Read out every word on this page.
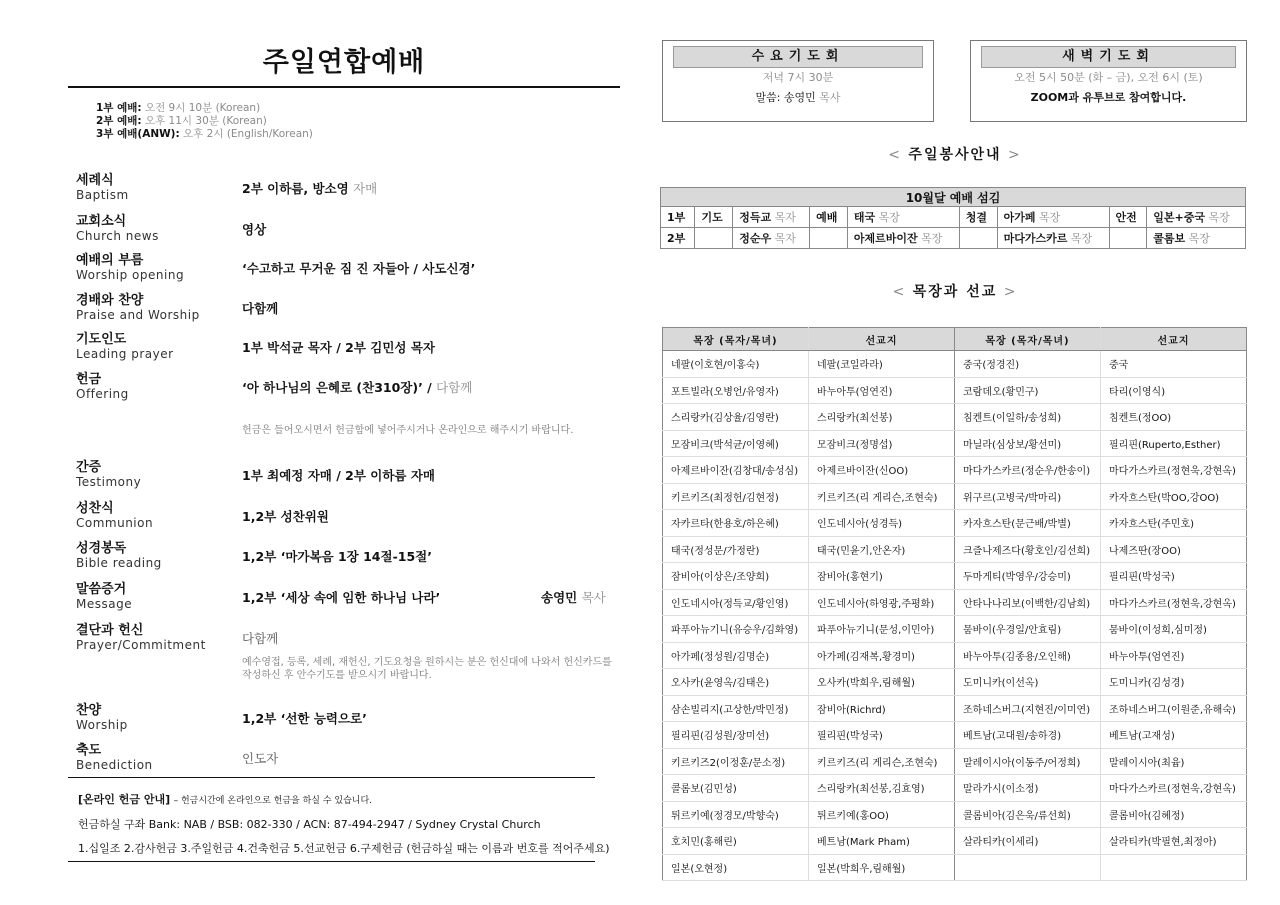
주일연합예배
1부 예배: 오전 9시 10분 (Korean)
2부 예배: 오후 11시 30분 (Korean)
3부 예배(ANW): 오후 2시 (English/Korean)
세례식
Baptism	2부 이하름, 방소영 자매
교회소식
Church news	영상
예배의 부름
Worship opening	‘수고하고 무거운 짐 진 자들아 / 사도신경’
경배와 찬양
Praise and Worship	다함께
기도인도
Leading prayer	1부 박석균 목자 / 2부 김민성 목자
헌금
Offering	‘아 하나님의 은혜로 (찬310장)’ / 다함께
헌금은 들어오시면서 헌금함에 넣어주시거나 온라인으로 해주시기 바랍니다.
간증
Testimony	1부 최예정 자매 / 2부 이하름 자매
성찬식
Communion	1,2부 성찬위원
성경봉독
Bible reading	1,2부 ‘마가복음 1장 14절-15절’
말씀증거
Message	1,2부 ‘세상 속에 임한 하나님 나라’	송영민 목사
결단과 헌신
Prayer/Commitment	다함께
예수영접, 등록, 세례, 재헌신, 기도요청을 원하시는 분은 헌신대에 나와서 헌신카드를 작성하신 후 안수기도를 받으시기 바랍니다.
찬양
Worship	1,2부 ‘선한 능력으로’
축도
Benediction	인도자
[온라인 헌금 안내] – 헌금시간에 온라인으로 헌금을 하실 수 있습니다.
헌금하실 구좌 Bank: NAB / BSB: 082-330 / ACN: 87-494-2947 / Sydney Crystal Church
1.십일조 2.감사헌금 3.주일헌금 4.건축헌금 5.선교헌금 6.구제헌금 (헌금하실 때는 이름과 번호를 적어주세요)
수요기도회
저녁 7시 30분
말씀: 송영민 목사
새벽기도회
오전 5시 50분 (화 – 금), 오전 6시 (토)
ZOOM과 유투브로 참여합니다.
< 주일봉사안내 >
10월달 예배 섬김								
1부	기도	정득교 목자	예배	태국 목장	청결	아가페 목장	안전	일본+중국 목장
2부		정순우 목자		아제르바이잔 목장		마다가스카르 목장		콜롬보 목장
< 목장과 선교 >
목장 (목자/목녀)	선교지	목장 (목자/목녀)	선교지
네팔(이호현/이홍숙)	네팔(코일라라)	중국(정경진)	중국
포트빌라(오병언/유영자)	바누아투(엄연진)	코람데오(황민구)	타리(이영식)
스리랑카(김상율/김영란)	스리랑카(최선봉)	침켄트(이일하/송성희)	침켄트(정OO)
모잠비크(박석균/이영혜)	모잠비크(정명섭)	마닐라(심상보/황선미)	필리핀(Ruperto,Esther)
아제르바이잔(김창대/송성심)	아제르바이잔(신OO)	마다가스카르(정순우/한송이)	마다가스카르(정현욱,강현옥)
키르키즈(최정헌/김현정)	키르키즈(리 게리슨,조현숙)	위구르(고병국/박마리)	카자흐스탄(박OO,강OO)
자카르타(한용호/하은혜)	인도네시아(성경득)	카자흐스탄(문근배/박별)	카자흐스탄(주민호)
태국(정성문/가정란)	태국(민윤기,안온자)	크즐나제즈다(황호인/김선희)	나제즈딴(장OO)
잠비아(이상은/조양희)	잠비아(홍현기)	두마게티(박영우/강승미)	필리핀(박성국)
인도네시아(정득교/황인영)	인도네시아(하영광,주평화)	안타나나리보(이백한/김남희)	마다가스카르(정현욱,강현옥)
파푸아뉴기니(유승우/김화영)	파푸아뉴기니(문성,이민아)	뭄바이(우경일/안효림)	뭄바이(이성희,심미정)
아가페(정성원/김명순)	아가페(김재복,황경미)	바누아투(김종용/오인해)	바누아투(엄연진)
오사카(윤영옥/김태은)	오사카(박희우,림해월)	도미니카(이선옥)	도미니카(김성경)
삼손빌리지(고상한/박민정)	잠비아(Richrd)	조하네스버그(지현진/이미연)	조하네스버그(이원준,유해숙)
필리핀(김성원/장미선)	필리핀(박성국)	베트남(고대원/송하경)	베트남(고재성)
키르키즈2(이정훈/문소정)	키르키즈(리 게리슨,조현숙)	말레이시아(이동주/어정희)	말레이시아(최윰)
콜롬보(김민성)	스리랑카(최선봉,김효영)	말라가시(이소정)	마다가스카르(정현욱,강현옥)
튀르키예(정경모/박향숙)	튀르키예(홍OO)	콜롬비아(김은욱/류선희)	콜롬비아(김혜정)
호치민(홍해린)	베트남(Mark Pham)	살라티카(이세리)	살라티카(박필현,최정아)
일본(오현정)	일본(박희우,림해월)		
